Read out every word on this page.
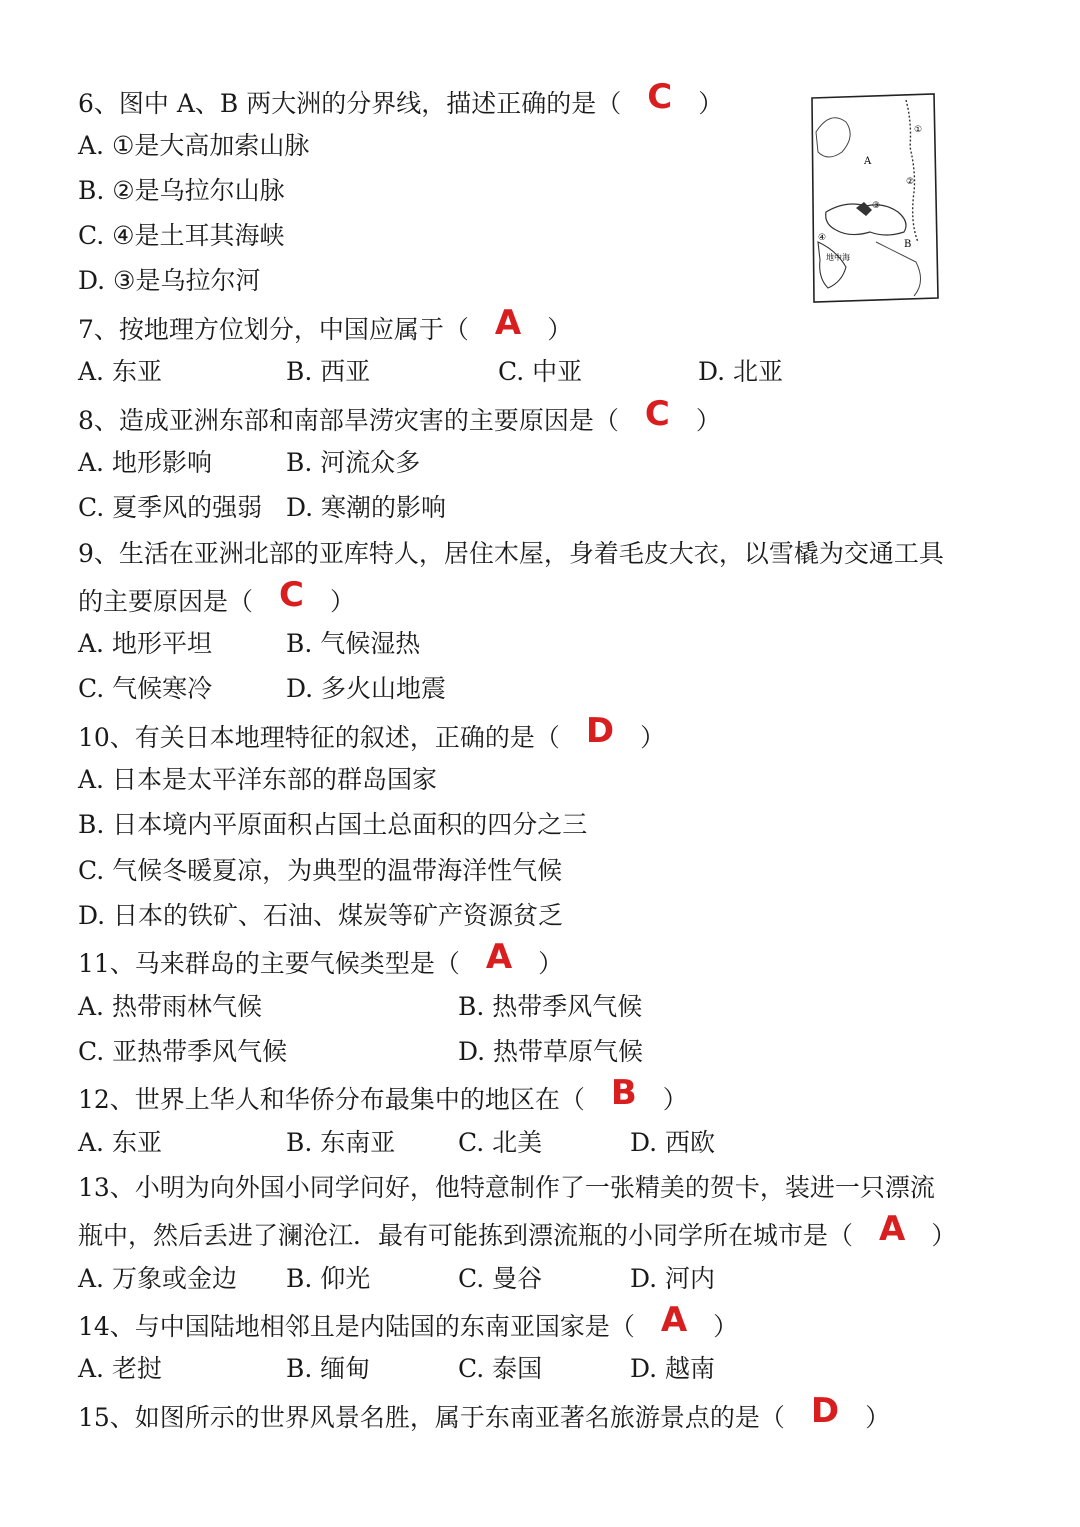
A
B
①
②
③
④
地中海
6、图中 A、B 两大洲的分界线，描述正确的是（ C ）
A. ①是大高加索山脉
B. ②是乌拉尔山脉
C. ④是土耳其海峡
D. ③是乌拉尔河
7、按地理方位划分，中国应属于（ A ）
A. 东亚	B. 西亚	C. 中亚	D. 北亚
8、造成亚洲东部和南部旱涝灾害的主要原因是（ C ）
A. 地形影响	B. 河流众多
C. 夏季风的强弱 D. 寒潮的影响
9、生活在亚洲北部的亚库特人，居住木屋，身着毛皮大衣，以雪橇为交通工具
的主要原因是（ C ）
A. 地形平坦	B. 气候湿热
C. 气候寒冷	D. 多火山地震
10、有关日本地理特征的叙述，正确的是（ D ）
A. 日本是太平洋东部的群岛国家
B. 日本境内平原面积占国土总面积的四分之三
C. 气候冬暖夏凉，为典型的温带海洋性气候
D. 日本的铁矿、石油、煤炭等矿产资源贫乏
11、马来群岛的主要气候类型是（ A ）
A. 热带雨林气候	B. 热带季风气候
C. 亚热带季风气候	D. 热带草原气候
12、世界上华人和华侨分布最集中的地区在（ B ）
A. 东亚	B. 东南亚	C. 北美	D. 西欧
13、小明为向外国小同学问好，他特意制作了一张精美的贺卡，装进一只漂流
瓶中，然后丢进了澜沧江．最有可能拣到漂流瓶的小同学所在城市是（ A ）
A. 万象或金边 B. 仰光	C. 曼谷	D. 河内
14、与中国陆地相邻且是内陆国的东南亚国家是（ A ）
A. 老挝	B. 缅甸	C. 泰国	D. 越南
15、如图所示的世界风景名胜，属于东南亚著名旅游景点的是（ D ）
